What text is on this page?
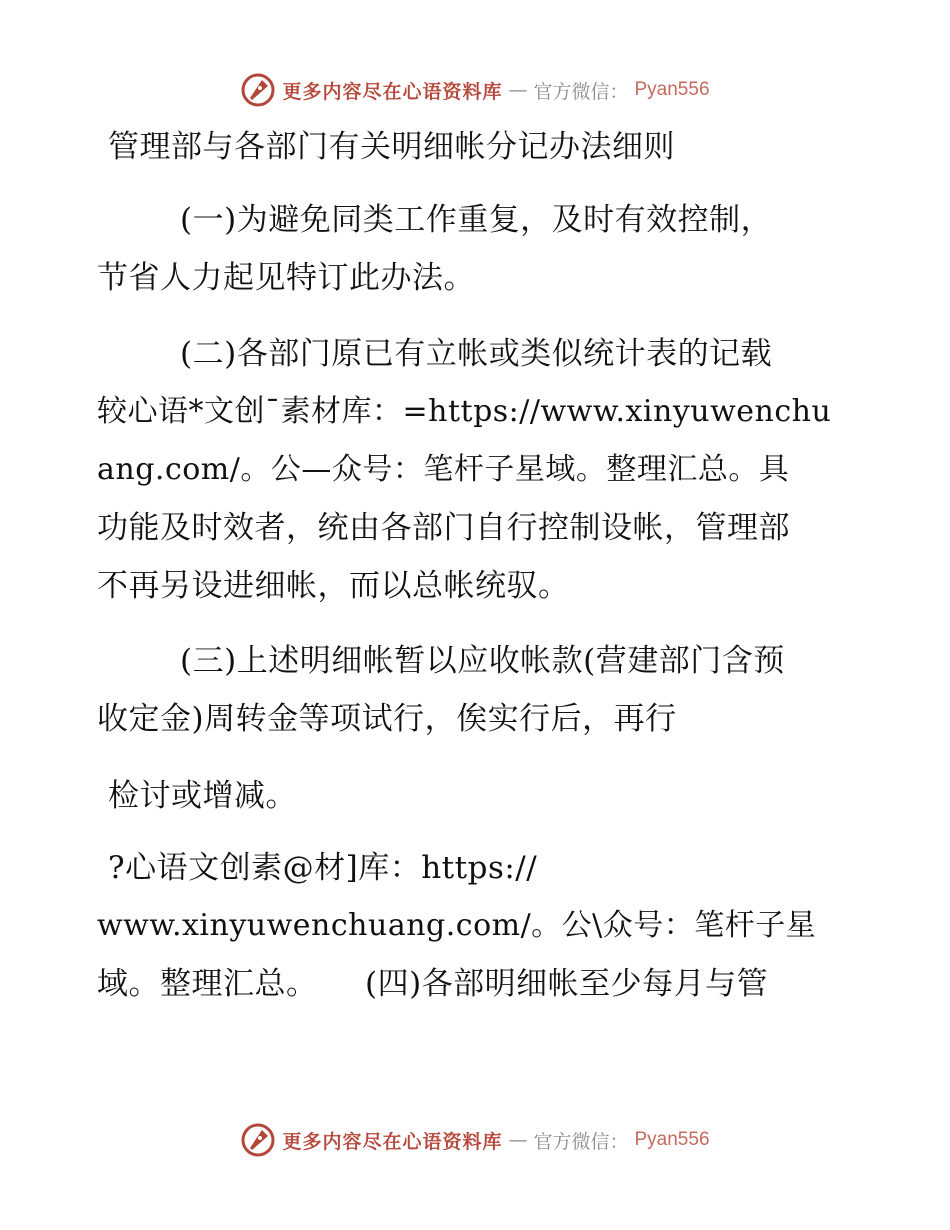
更多内容尽在心语资料库 — 官方微信： Pyan556
管理部与各部门有关明细帐分记办法细则
(一)为避免同类工作重复，及时有效控制，
节省人力起见特订此办法。
(二)各部门原已有立帐或类似统计表的记载
较心语*文创¯素材库：=https://www.xinyuwenchu
ang.com/。公—众号：笔杆子星域。整理汇总。具
功能及时效者，统由各部门自行控制设帐，管理部
不再另设进细帐，而以总帐统驭。
(三)上述明细帐暂以应收帐款(营建部门含预
收定金)周转金等项试行，俟实行后，再行
检讨或增减。
?心语文创素@材]库：https://
www.xinyuwenchuang.com/。公\众号：笔杆子星
域。整理汇总。　　(四)各部明细帐至少每月与管
更多内容尽在心语资料库 — 官方微信： Pyan556
